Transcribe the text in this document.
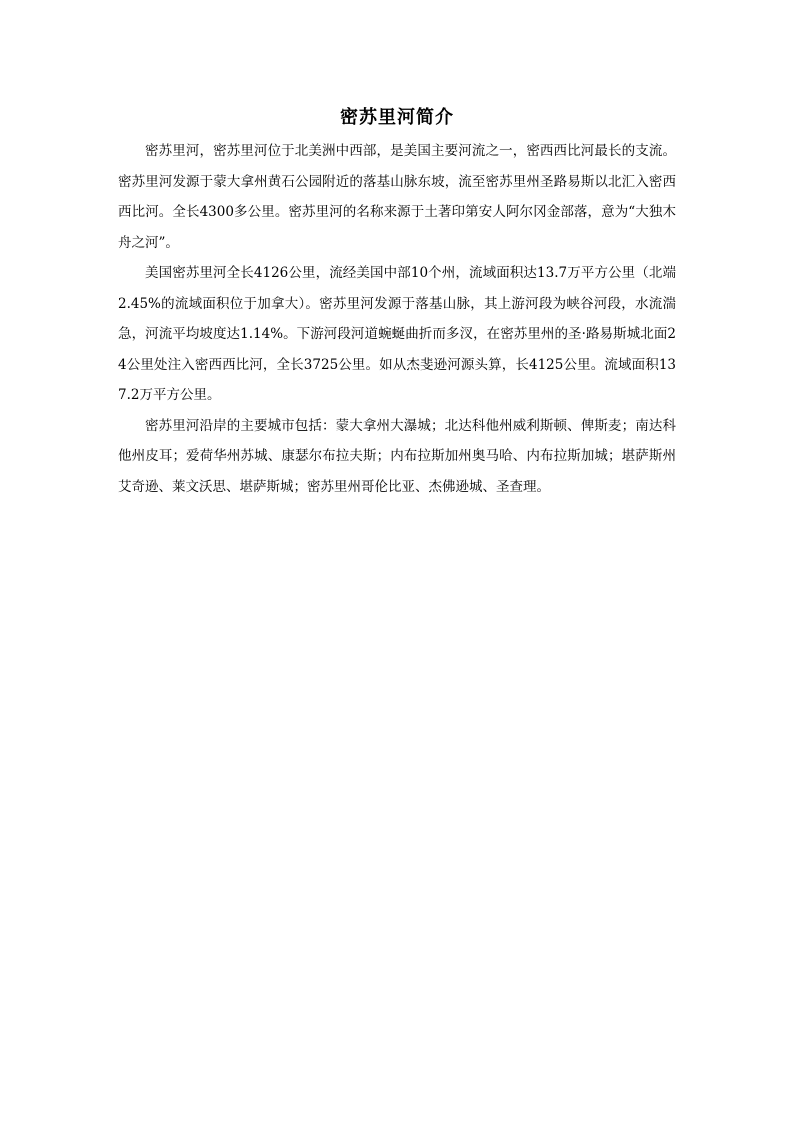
密苏里河简介

密苏里河，密苏里河位于北美洲中西部，是美国主要河流之一，密西西比河最长的支流。密苏里河发源于蒙大拿州黄石公园附近的落基山脉东坡，流至密苏里州圣路易斯以北汇入密西西比河。全长4300多公里。密苏里河的名称来源于土著印第安人阿尔冈金部落，意为“大独木舟之河”。

美国密苏里河全长4126公里，流经美国中部10个州，流域面积达13.7万平方公里（北端2.45%的流域面积位于加拿大）。密苏里河发源于落基山脉，其上游河段为峡谷河段，水流湍急，河流平均坡度达1.14%。下游河段河道蜿蜒曲折而多汊，在密苏里州的圣·路易斯城北面24公里处注入密西西比河，全长3725公里。如从杰斐逊河源头算，长4125公里。流域面积137.2万平方公里。

密苏里河沿岸的主要城市包括：蒙大拿州大瀑城；北达科他州威利斯顿、俾斯麦；南达科他州皮耳；爱荷华州苏城、康瑟尔布拉夫斯；内布拉斯加州奥马哈、内布拉斯加城；堪萨斯州艾奇逊、莱文沃思、堪萨斯城；密苏里州哥伦比亚、杰佛逊城、圣查理。
